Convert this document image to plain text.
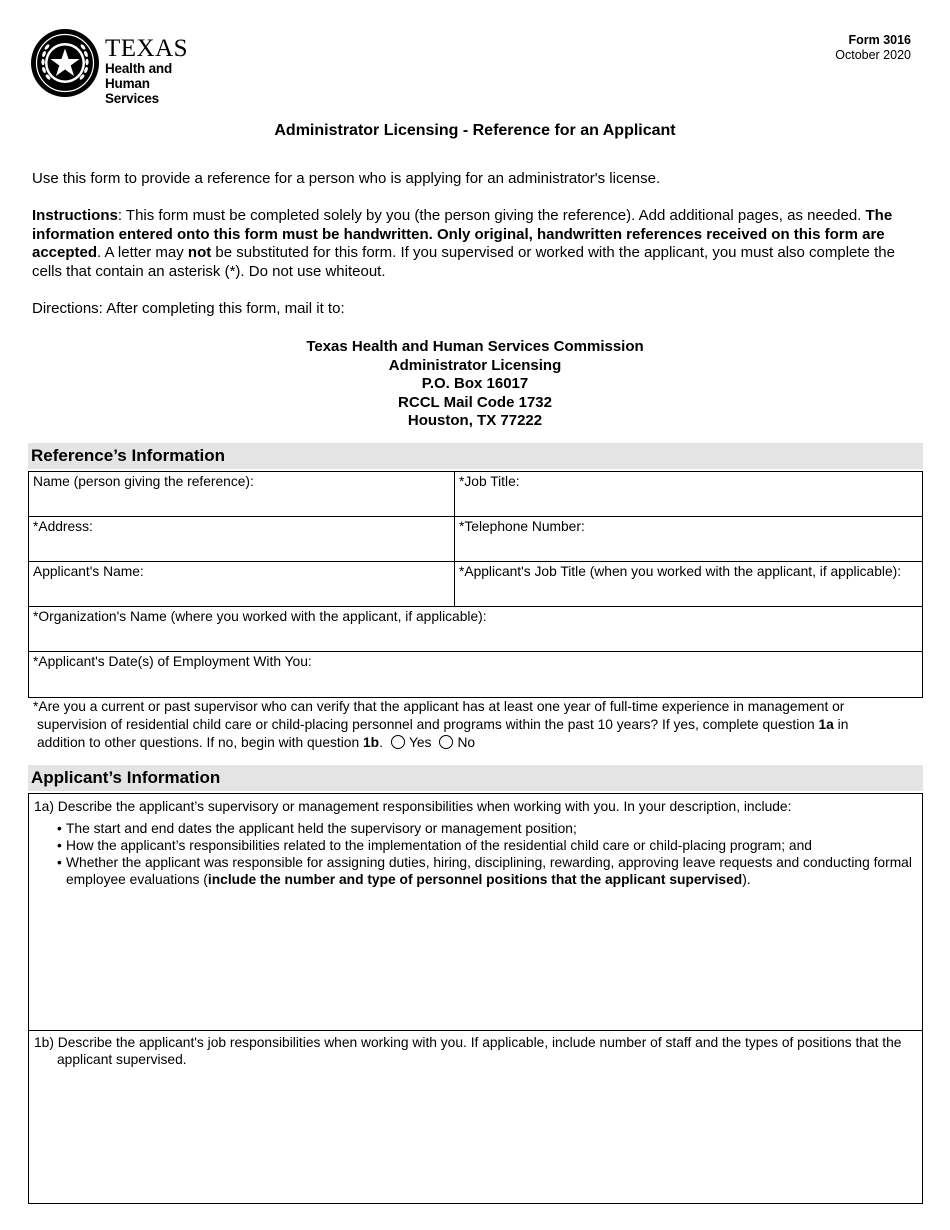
TEXAS
Health and Human
Services
Form 3016
October 2020
Administrator Licensing - Reference for an Applicant
Use this form to provide a reference for a person who is applying for an administrator's license.
Instructions: This form must be completed solely by you (the person giving the reference). Add additional pages, as needed. The information entered onto this form must be handwritten. Only original, handwritten references received on this form are accepted. A letter may not be substituted for this form. If you supervised or worked with the applicant, you must also complete the cells that contain an asterisk (*). Do not use whiteout.
Directions: After completing this form, mail it to:
Texas Health and Human Services Commission
Administrator Licensing
P.O. Box 16017
RCCL Mail Code 1732
Houston, TX 77222
Reference’s Information
Name (person giving the reference):	*Job Title:
*Address:	*Telephone Number:
Applicant's Name:	*Applicant's Job Title (when you worked with the applicant, if applicable):
*Organization's Name (where you worked with the applicant, if applicable):
*Applicant's Date(s) of Employment With You:
*Are you a current or past supervisor who can verify that the applicant has at least one year of full-time experience in management or
supervision of residential child care or child-placing personnel and programs within the past 10 years? If yes, complete question 1a in
addition to other questions. If no, begin with question 1b. Yes No
Applicant’s Information
1a) Describe the applicant’s supervisory or management responsibilities when working with you. In your description, include:
• The start and end dates the applicant held the supervisory or management position;
• How the applicant’s responsibilities related to the implementation of the residential child care or child-placing program; and
• Whether the applicant was responsible for assigning duties, hiring, disciplining, rewarding, approving leave requests and conducting formal employee evaluations (include the number and type of personnel positions that the applicant supervised).
1b) Describe the applicant's job responsibilities when working with you. If applicable, include number of staff and the types of positions that the applicant supervised.
